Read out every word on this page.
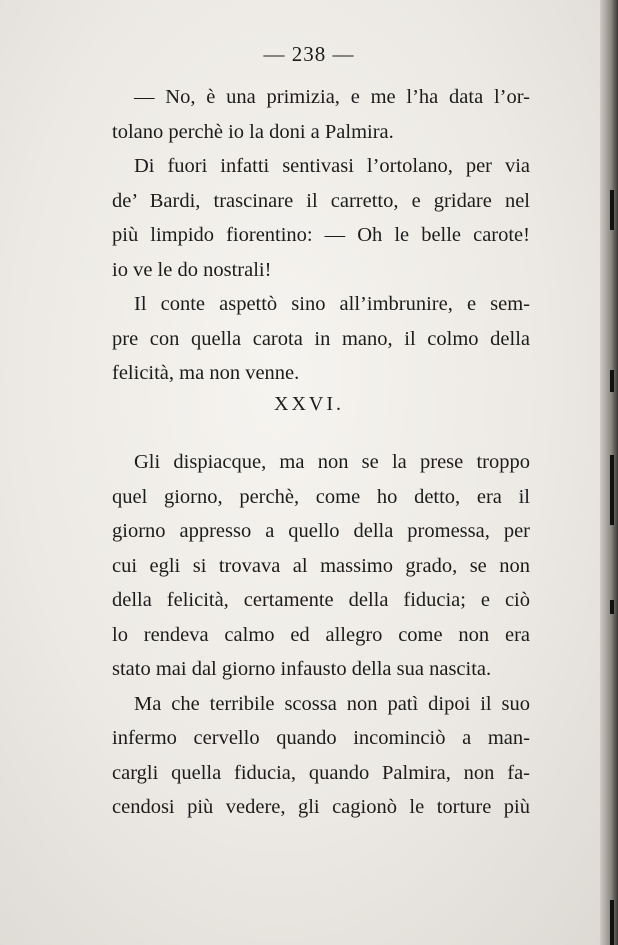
— 238 —
— No, è una primizia, e me l’ha data l’or-
tolano perchè io la doni a Palmira.
Di fuori infatti sentivasi l’ortolano, per via
de’ Bardi, trascinare il carretto, e gridare nel
più limpido fiorentino: — Oh le belle carote!
io ve le do nostrali!
Il conte aspettò sino all’imbrunire, e sem-
pre con quella carota in mano, il colmo della
felicità, ma non venne.
XXVI.
Gli dispiacque, ma non se la prese troppo
quel giorno, perchè, come ho detto, era il
giorno appresso a quello della promessa, per
cui egli si trovava al massimo grado, se non
della felicità, certamente della fiducia; e ciò
lo rendeva calmo ed allegro come non era
stato mai dal giorno infausto della sua nascita.
Ma che terribile scossa non patì dipoi il suo
infermo cervello quando incominciò a man-
cargli quella fiducia, quando Palmira, non fa-
cendosi più vedere, gli cagionò le torture più
